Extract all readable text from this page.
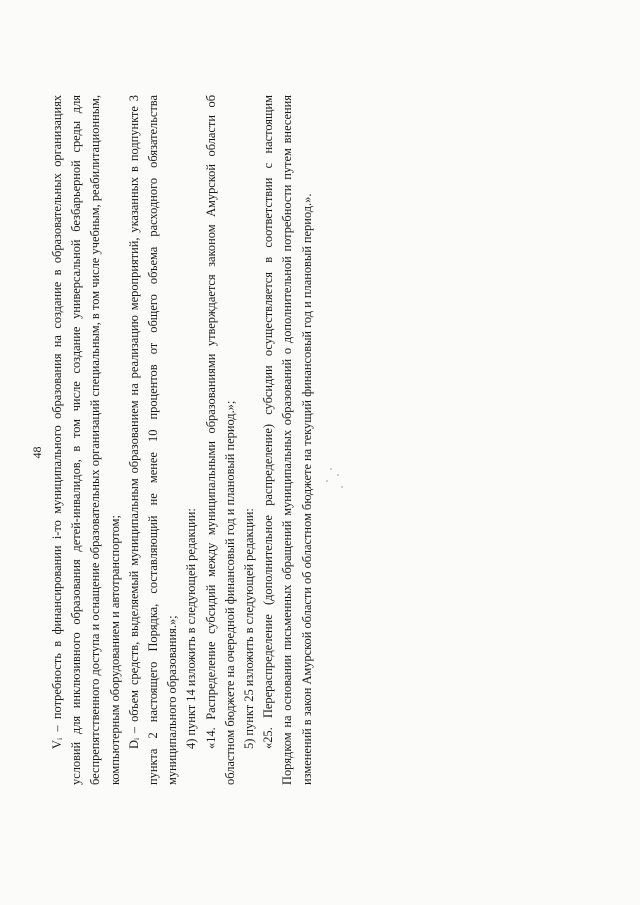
48 Vᵢ – потребность в финансировании i-то муниципального образования на создание в образовательных организациях условий для инклюзивного образования детей-инвалидов, в том числе создание универсальной безбарьерной среды для беспрепятственного доступа и оснащение образовательных организаций специальным, в том числе учебным, реабилитационным, компьютерным оборудованием и автотранспортом; Dᵢ – объем средств, выделяемый муниципальным образованием на реализацию мероприятий, указанных в подпункте 3 пункта 2 настоящего Порядка, составляющий не менее 10 процентов от общего объема расходного обязательства муниципального образования.»; 4) пункт 14 изложить в следующей редакции: «14. Распределение субсидий между муниципальными образованиями утверждается законом Амурской области об областном бюджете на очередной финансовый год и плановый период.»; 5) пункт 25 изложить в следующей редакции: «25. Перераспределение (дополнительное распределение) субсидии осуществляется в соответствии с настоящим Порядком на основании письменных обращений муниципальных образований о дополнительной потребности путем внесения изменений в закон Амурской области об областном бюджете на текущий финансовый год и плановый период.».
